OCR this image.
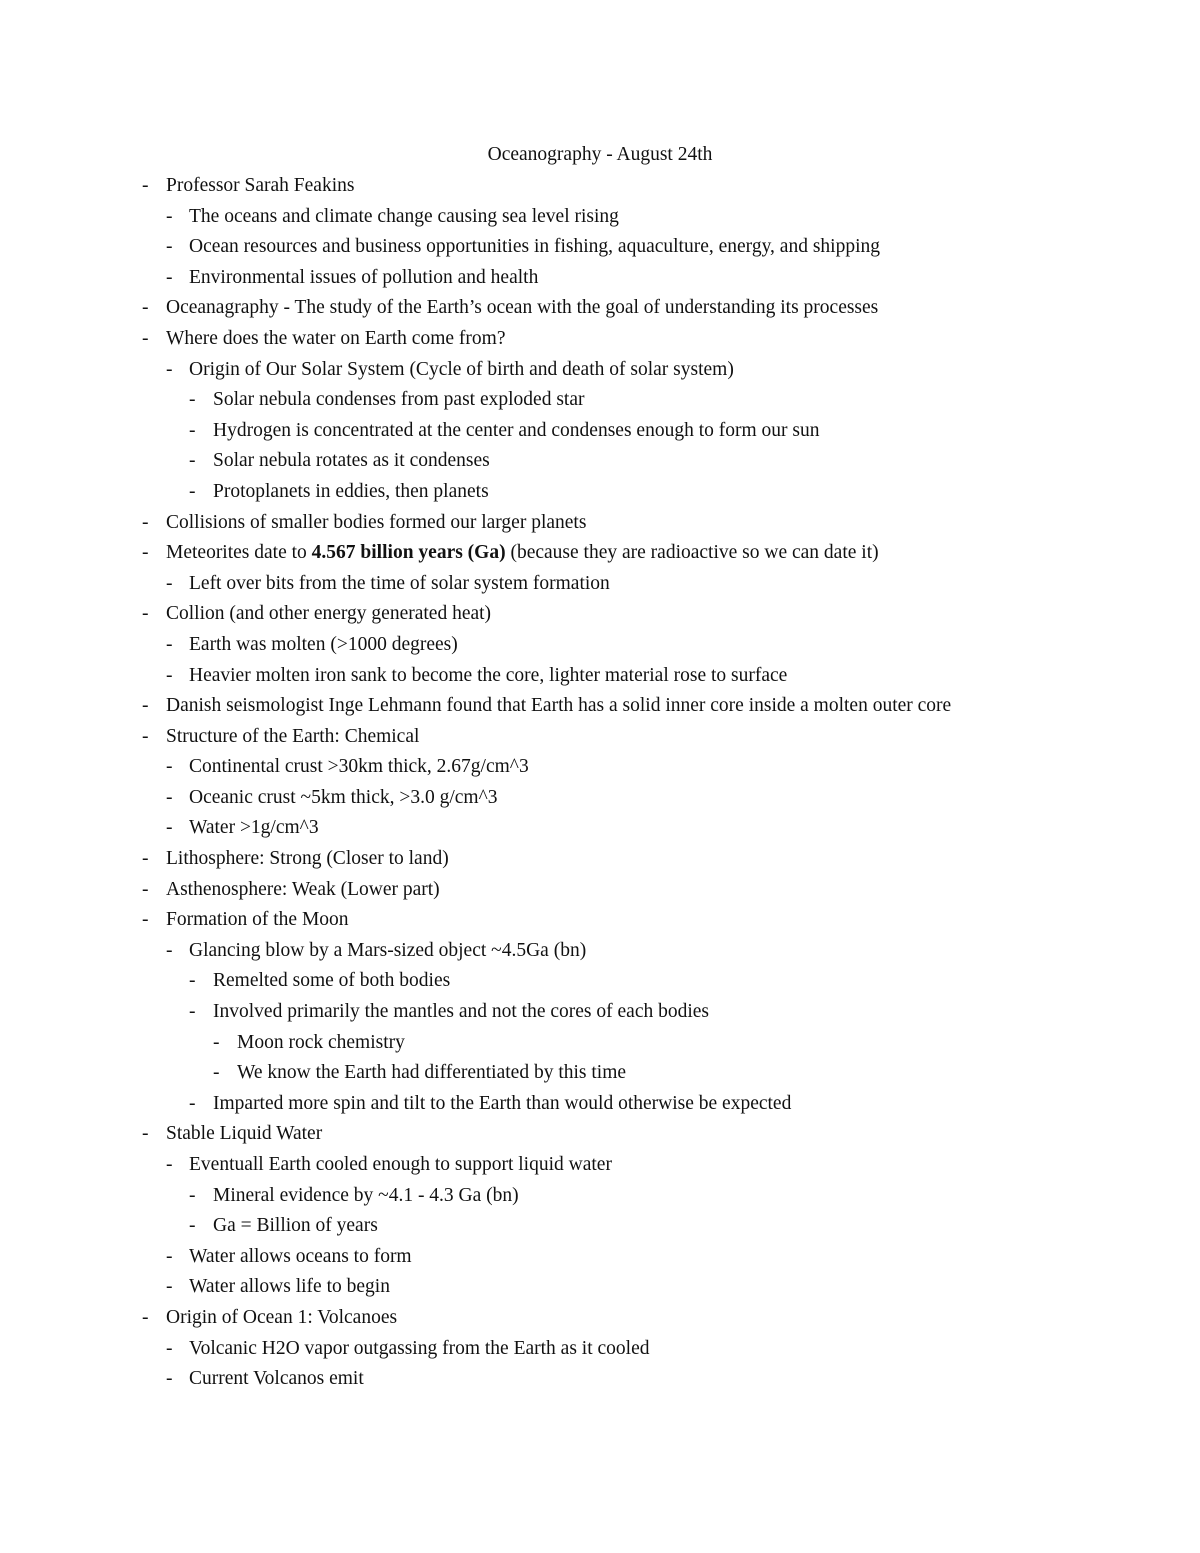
Oceanography - August 24th
- Professor Sarah Feakins
- The oceans and climate change causing sea level rising
- Ocean resources and business opportunities in fishing, aquaculture, energy, and shipping
- Environmental issues of pollution and health
- Oceanagraphy - The study of the Earth’s ocean with the goal of understanding its processes
- Where does the water on Earth come from?
- Origin of Our Solar System (Cycle of birth and death of solar system)
- Solar nebula condenses from past exploded star
- Hydrogen is concentrated at the center and condenses enough to form our sun
- Solar nebula rotates as it condenses
- Protoplanets in eddies, then planets
- Collisions of smaller bodies formed our larger planets
- Meteorites date to 4.567 billion years (Ga) (because they are radioactive so we can date it)
- Left over bits from the time of solar system formation
- Collion (and other energy generated heat)
- Earth was molten (>1000 degrees)
- Heavier molten iron sank to become the core, lighter material rose to surface
- Danish seismologist Inge Lehmann found that Earth has a solid inner core inside a molten outer core
- Structure of the Earth: Chemical
- Continental crust >30km thick, 2.67g/cm^3
- Oceanic crust ~5km thick, >3.0 g/cm^3
- Water >1g/cm^3
- Lithosphere: Strong (Closer to land)
- Asthenosphere: Weak (Lower part)
- Formation of the Moon
- Glancing blow by a Mars-sized object ~4.5Ga (bn)
- Remelted some of both bodies
- Involved primarily the mantles and not the cores of each bodies
- Moon rock chemistry
- We know the Earth had differentiated by this time
- Imparted more spin and tilt to the Earth than would otherwise be expected
- Stable Liquid Water
- Eventuall Earth cooled enough to support liquid water
- Mineral evidence by ~4.1 - 4.3 Ga (bn)
- Ga = Billion of years
- Water allows oceans to form
- Water allows life to begin
- Origin of Ocean 1: Volcanoes
- Volcanic H2O vapor outgassing from the Earth as it cooled
- Current Volcanos emit
